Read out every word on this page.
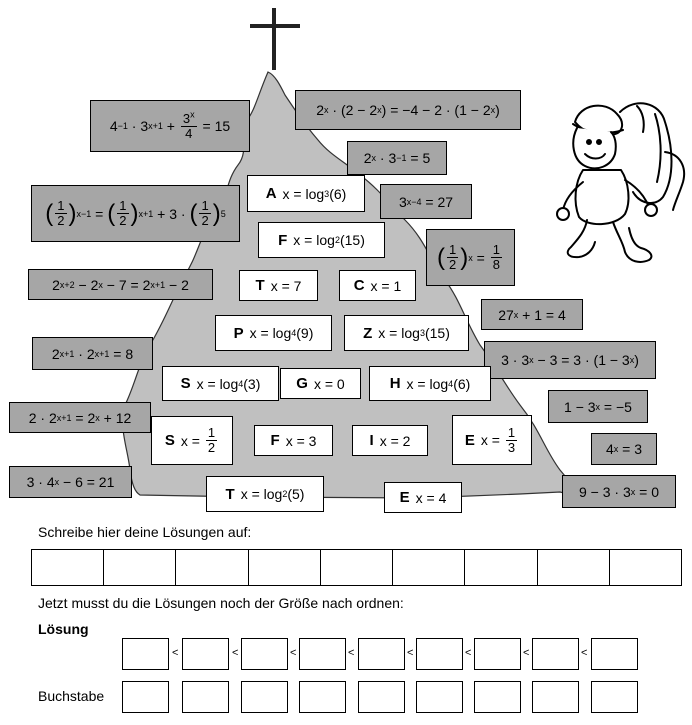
4 −1 · 3 $x+1 + \frac{3^x}{4} = 15$
2 x · (2 − 2 x ) = −4 − 2 · (1 − 2 x )
2 x · 3 −1 = 5
( $\frac{1}{2}$ ) x−1 = ( $\frac{1}{2}$ ) x+1 + 3 · ( $\frac{1}{2}$ ) 5
3 x−4 = 27
( $\frac{1}{2}$ ) $x = \frac{1}{8}$
2 x+2 − 2 x − 7 = 2 x+1 − 2
27 x + 1 = 4
2 x+1 · 2 x+1 = 8	3 · 3 x − 3 = 3 · (1 − 3 x )
2 · 2 x+1 = 2 x + 12
1 − 3 x = −5
4 x = 3
3 · 4 x − 6 = 21
9 − 3 · 3 x = 0
A x = log 3 (6)
F x = log 2 (15)
T x = 7	C x = 1
P x = log 4 (9)	Z x = log 3 (15)
S x = log 4 (3)	G x = 0	H x = log 4 (6)
S $x = \frac{1}{2}$	F x = 3	I x = 2	E $x = \frac{1}{3}$
T x = log 2 (5)	E x = 4
Schreibe hier deine Lösungen auf:
Jetzt musst du die Lösungen noch der Größe nach ordnen:
Lösung
<	<	<	<	<	<	<	<
Buchstabe
